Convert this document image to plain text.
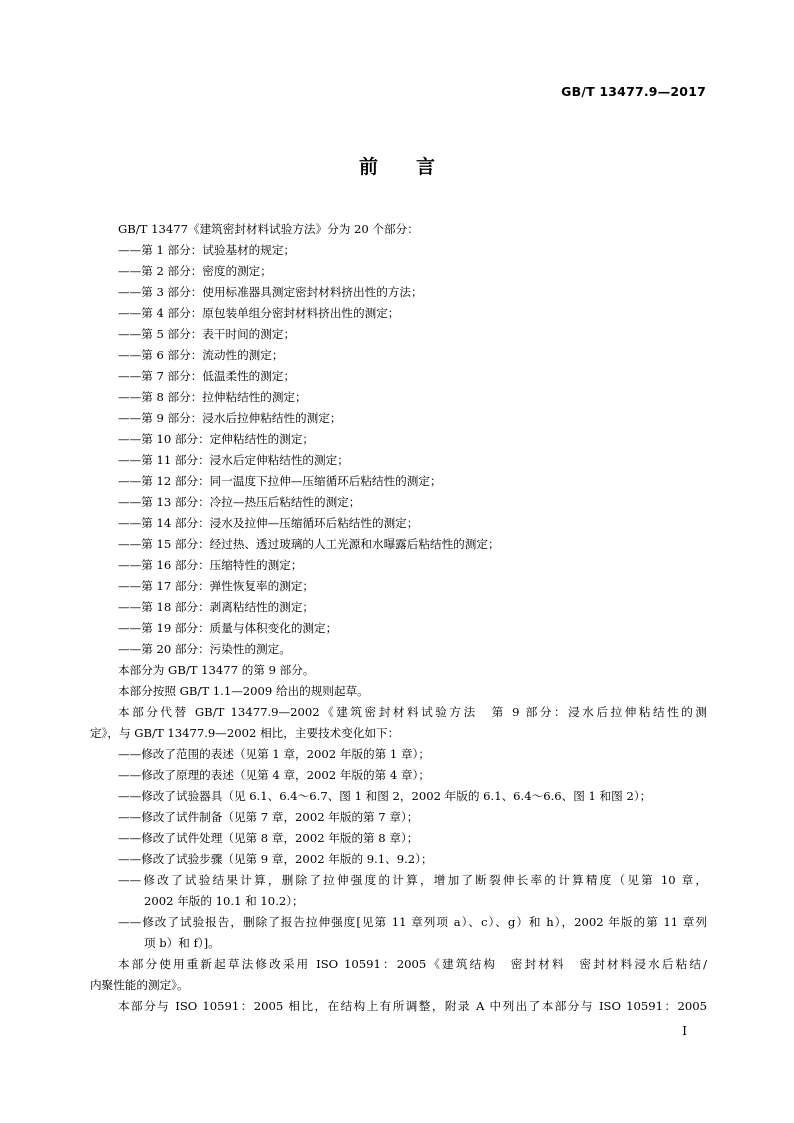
GB/T 13477.9—2017
前言

GB/T 13477《建筑密封材料试验方法》分为 20 个部分：

——第 1 部分：试验基材的规定；

——第 2 部分：密度的测定；

——第 3 部分：使用标准器具测定密封材料挤出性的方法；

——第 4 部分：原包装单组分密封材料挤出性的测定；

——第 5 部分：表干时间的测定；

——第 6 部分：流动性的测定；

——第 7 部分：低温柔性的测定；

——第 8 部分：拉伸粘结性的测定；

——第 9 部分：浸水后拉伸粘结性的测定；

——第 10 部分：定伸粘结性的测定；

——第 11 部分：浸水后定伸粘结性的测定；

——第 12 部分：同一温度下拉伸—压缩循环后粘结性的测定；

——第 13 部分：冷拉—热压后粘结性的测定；

——第 14 部分：浸水及拉伸—压缩循环后粘结性的测定；

——第 15 部分：经过热、透过玻璃的人工光源和水曝露后粘结性的测定；

——第 16 部分：压缩特性的测定；

——第 17 部分：弹性恢复率的测定；

——第 18 部分：剥离粘结性的测定；

——第 19 部分：质量与体积变化的测定；

——第 20 部分：污染性的测定。

本部分为 GB/T 13477 的第 9 部分。

本部分按照 GB/T 1.1—2009 给出的规则起草。

本部分代替 GB/T 13477.9—2002《建筑密封材料试验方法　第 9 部分：浸水后拉伸粘结性的测

定》，与 GB/T 13477.9—2002 相比，主要技术变化如下：

——修改了范围的表述（见第 1 章，2002 年版的第 1 章）；

——修改了原理的表述（见第 4 章，2002 年版的第 4 章）；

——修改了试验器具（见 6.1、6.4～6.7、图 1 和图 2，2002 年版的 6.1、6.4～6.6、图 1 和图 2）；

——修改了试件制备（见第 7 章，2002 年版的第 7 章）；

——修改了试件处理（见第 8 章，2002 年版的第 8 章）；

——修改了试验步骤（见第 9 章，2002 年版的 9.1、9.2）；

——修改了试验结果计算，删除了拉伸强度的计算，增加了断裂伸长率的计算精度（见第 10 章，

2002 年版的 10.1 和 10.2）；

——修改了试验报告，删除了报告拉伸强度[见第 11 章列项 a）、c）、g）和 h），2002 年版的第 11 章列

项 b）和 f）]。

本部分使用重新起草法修改采用 ISO 10591：2005《建筑结构　密封材料　密封材料浸水后粘结/

内聚性能的测定》。

本部分与 ISO 10591：2005 相比，在结构上有所调整，附录 A 中列出了本部分与 ISO 10591：2005

I
